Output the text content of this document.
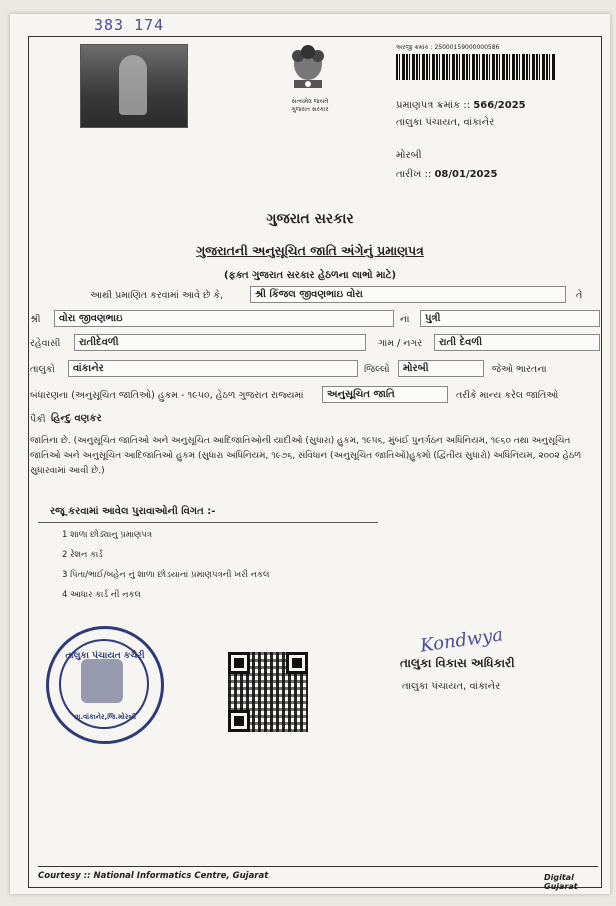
383 174
સત્યમેવ જયતે
ગુજરાત સરકાર
અરજી ક્રમાંક : 25000159000000586
પ્રમાણપત્ર ક્રમાંક :: 566/2025
તાલુકા પંચાયત, વાંકાનેર
મોરબી
તારીખ :: 08/01/2025
ગુજરાત સરકાર
ગુજરાતની અનુસૂચિત જાતિ અંગેનું પ્રમાણપત્ર
(ફક્ત ગુજરાત સરકાર હેઠળના લાભો માટે)
આથી પ્રમાણિત કરવામાં આવે છે કે,	શ્રી કિંજલ જીવણભાઇ વોરા	તે
શ્રી	વોરા જીવણભાઇ	ના	પુત્રી
રહેવાસી	રાતીદેવળી	ગામ / નગર	રાતી દેવળી
તાલુકો	વાંકાનેર	જિલ્લો	મોરબી	જેઓ ભારતના
બંધારણના (અનુસૂચિત જાતિઓ) હુકમ - ૧૯૫૦, હેઠળ ગુજરાત રાજ્યમાં	અનુસૂચિત જાતિ	તરીકે માન્ય કરેલ જાતિઓ
પૈકી હિન્દુ વણકર
જાતિના છે. (અનુસૂચિત જાતિઓ અને અનુસૂચિત આદિજાતિઓની યાદીઓ (સુધારા) હુકમ, ૧૯૫૬, મુંબઈ પુનર્ગઠન અધિનિયમ, ૧૯૬૦ તથા અનુસૂચિત જાતિઓ અને અનુસૂચિત આદિજાતિઓ હુકમ (સુધારા અધિનિયમ, ૧૯૭૬, સંવિધાન (અનુસૂચિત જાતિઓ)હુકમો (દ્વિતીય સુધારો) અધિનિયમ, ૨૦૦૨ હેઠળ સુધારવામાં આવી છે.)
રજૂ કરવામાં આવેલ પુરાવાઓની વિગત :-
1 શાળા છોડ્યાનુ પ્રમાણપત્ર
2 રેશન કાર્ડ
3 પિતા/ભાઈ/બહેન નું શાળા છોડયાનાં પ્રમાણપત્રની ખરી નકલ
4 આધાર કાર્ડ ની નકલ
તાલુકા પંચાયત કચેરી
તા.વાંકાનેર,જિ.મોરબી
Kondwya
તાલુકા વિકાસ અધિકારી
તાલુકા પંચાયત, વાંકાનેર
Courtesy :: National Informatics Centre, Gujarat	Digital Gujarat
